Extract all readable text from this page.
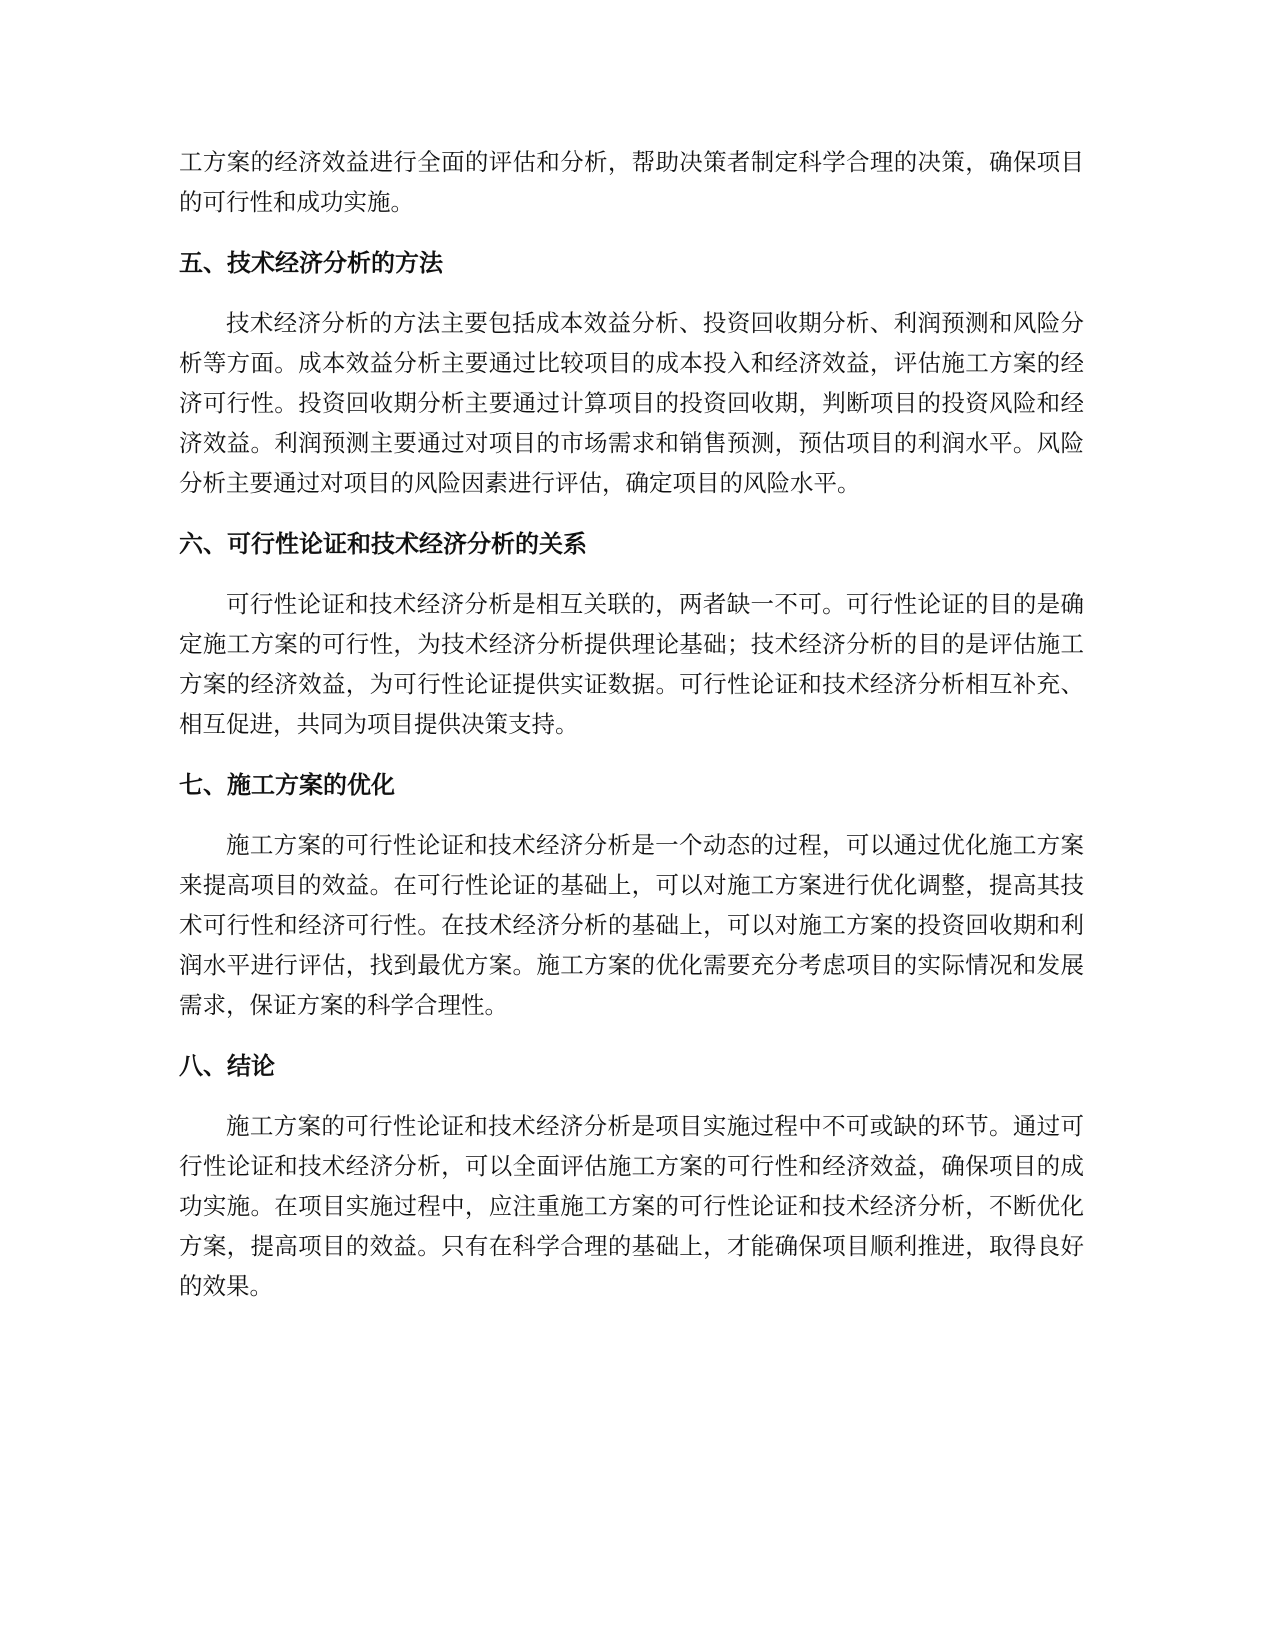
工方案的经济效益进行全面的评估和分析，帮助决策者制定科学合理的决策，确保项目的可行性和成功实施。

五、技术经济分析的方法

技术经济分析的方法主要包括成本效益分析、投资回收期分析、利润预测和风险分析等方面。成本效益分析主要通过比较项目的成本投入和经济效益，评估施工方案的经济可行性。投资回收期分析主要通过计算项目的投资回收期，判断项目的投资风险和经济效益。利润预测主要通过对项目的市场需求和销售预测，预估项目的利润水平。风险分析主要通过对项目的风险因素进行评估，确定项目的风险水平。

六、可行性论证和技术经济分析的关系

可行性论证和技术经济分析是相互关联的，两者缺一不可。可行性论证的目的是确定施工方案的可行性，为技术经济分析提供理论基础；技术经济分析的目的是评估施工方案的经济效益，为可行性论证提供实证数据。可行性论证和技术经济分析相互补充、相互促进，共同为项目提供决策支持。

七、施工方案的优化

施工方案的可行性论证和技术经济分析是一个动态的过程，可以通过优化施工方案来提高项目的效益。在可行性论证的基础上，可以对施工方案进行优化调整，提高其技术可行性和经济可行性。在技术经济分析的基础上，可以对施工方案的投资回收期和利润水平进行评估，找到最优方案。施工方案的优化需要充分考虑项目的实际情况和发展需求，保证方案的科学合理性。

八、结论

施工方案的可行性论证和技术经济分析是项目实施过程中不可或缺的环节。通过可行性论证和技术经济分析，可以全面评估施工方案的可行性和经济效益，确保项目的成功实施。在项目实施过程中，应注重施工方案的可行性论证和技术经济分析，不断优化方案，提高项目的效益。只有在科学合理的基础上，才能确保项目顺利推进，取得良好的效果。
